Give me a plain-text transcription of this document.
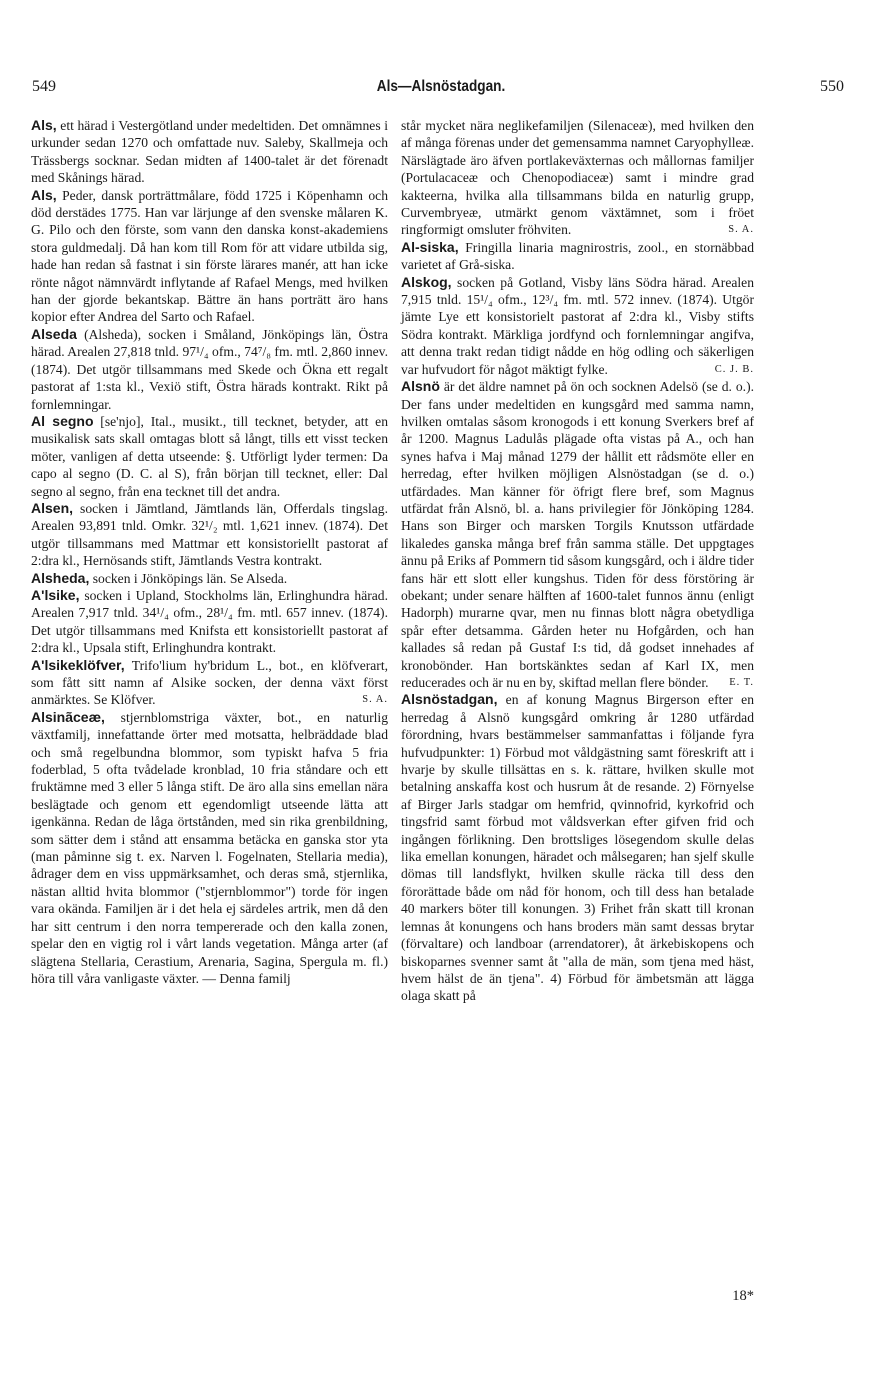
549	Als—Alsnöstadgan.	550

Als, ett härad i Vestergötland under medeltiden. Det omnämnes i urkunder sedan 1270 och omfattade nuv. Saleby, Skallmeja och Trässbergs socknar. Sedan midten af 1400-talet är det förenadt med Skånings härad.

Als, Peder, dansk porträttmålare, född 1725 i Köpenhamn och död derstädes 1775. Han var lärjunge af den svenske målaren K. G. Pilo och den förste, som vann den danska konst-akademiens stora guldmedalj. Då han kom till Rom för att vidare utbilda sig, hade han redan så fastnat i sin förste lärares manér, att han icke rönte något nämnvärdt inflytande af Rafael Mengs, med hvilken han der gjorde bekantskap. Bättre än hans porträtt äro hans kopior efter Andrea del Sarto och Rafael.

Alseda (Alsheda), socken i Småland, Jönköpings län, Östra härad. Arealen 27,818 tnld. 97¹/₄ ofm., 74⁷/₈ fm. mtl. 2,860 innev. (1874). Det utgör tillsammans med Skede och Ökna ett regalt pastorat af 1:sta kl., Vexiö stift, Östra härads kontrakt. Rikt på fornlemningar.

Al segno [se'njo], Ital., musikt., till tecknet, betyder, att en musikalisk sats skall omtagas blott så långt, tills ett visst tecken möter, vanligen af detta utseende: §. Utförligt lyder termen: Da capo al segno (D. C. al S), från början till tecknet, eller: Dal segno al segno, från ena tecknet till det andra.

Alsen, socken i Jämtland, Jämtlands län, Offerdals tingslag. Arealen 93,891 tnld. Omkr. 32¹/₂ mtl. 1,621 innev. (1874). Det utgör tillsammans med Mattmar ett konsistoriellt pastorat af 2:dra kl., Hernösands stift, Jämtlands Vestra kontrakt.

Alsheda, socken i Jönköpings län. Se Alseda.

A'lsike, socken i Upland, Stockholms län, Erlinghundra härad. Arealen 7,917 tnld. 34¹/₄ ofm., 28¹/₄ fm. mtl. 657 innev. (1874). Det utgör tillsammans med Knifsta ett konsistoriellt pastorat af 2:dra kl., Upsala stift, Erlinghundra kontrakt.

A'lsikeklöfver, Trifo'lium hy'bridum L., bot., en klöfverart, som fått sitt namn af Alsike socken, der denna växt först anmärktes. Se Klöfver.	S. A.

Alsinãceæ, stjernblomstriga växter, bot., en naturlig växtfamilj, innefattande örter med motsatta, helbräddade blad och små regelbundna blommor, som typiskt hafva 5 fria foderblad, 5 ofta tvådelade kronblad, 10 fria ståndare och ett fruktämne med 3 eller 5 långa stift. De äro alla sins emellan nära beslägtade och genom ett egendomligt utseende lätta att igenkänna. Redan de låga örtstånden, med sin rika grenbildning, som sätter dem i stånd att ensamma betäcka en ganska stor yta (man påminne sig t. ex. Narven l. Fogelnaten, Stellaria media), ådrager dem en viss uppmärksamhet, och deras små, stjernlika, nästan alltid hvita blommor ("stjernblommor") torde för ingen vara okända. Familjen är i det hela ej särdeles artrik, men då den har sitt centrum i den norra tempererade och den kalla zonen, spelar den en vigtig rol i vårt lands vegetation. Många arter (af slägtena Stellaria, Cerastium, Arenaria, Sagina, Spergula m. fl.) höra till våra vanligaste växter. — Denna familj

står mycket nära neglikefamiljen (Silenaceæ), med hvilken den af många förenas under det gemensamma namnet Caryophylleæ. Närslägtade äro äfven portlakeväxternas och mållornas familjer (Portulacaceæ och Chenopodiaceæ) samt i mindre grad kakteerna, hvilka alla tillsammans bilda en naturlig grupp, Curvembryeæ, utmärkt genom växtämnet, som i fröet ringformigt omsluter fröhviten.	S. A.

Al-siska, Fringilla linaria magnirostris, zool., en stornäbbad varietet af Grå-siska.

Alskog, socken på Gotland, Visby läns Södra härad. Arealen 7,915 tnld. 15¹/₄ ofm., 12³/₄ fm. mtl. 572 innev. (1874). Utgör jämte Lye ett konsistorielt pastorat af 2:dra kl., Visby stifts Södra kontrakt. Märkliga jordfynd och fornlemningar angifva, att denna trakt redan tidigt nådde en hög odling och säkerligen var hufvudort för något mäktigt fylke.	C. J. B.

Alsnö är det äldre namnet på ön och socknen Adelsö (se d. o.). Der fans under medeltiden en kungsgård med samma namn, hvilken omtalas såsom kronogods i ett konung Sverkers bref af år 1200. Magnus Ladulås plägade ofta vistas på A., och han synes hafva i Maj månad 1279 der hållit ett rådsmöte eller en herredag, efter hvilken möjligen Alsnöstadgan (se d. o.) utfärdades. Man känner för öfrigt flere bref, som Magnus utfärdat från Alsnö, bl. a. hans privilegier för Jönköping 1284. Hans son Birger och marsken Torgils Knutsson utfärdade likaledes ganska många bref från samma ställe. Det uppgtages ännu på Eriks af Pommern tid såsom kungsgård, och i äldre tider fans här ett slott eller kungshus. Tiden för dess förstöring är obekant; under senare hälften af 1600-talet funnos ännu (enligt Hadorph) murarne qvar, men nu finnas blott några obetydliga spår efter detsamma. Gården heter nu Hofgården, och han kallades så redan på Gustaf I:s tid, då godset innehades af kronobönder. Han bortskänktes sedan af Karl IX, men reducerades och är nu en by, skiftad mellan flere bönder. E. T.

Alsnöstadgan, en af konung Magnus Birgerson efter en herredag å Alsnö kungsgård omkring år 1280 utfärdad förordning, hvars bestämmelser sammanfattas i följande fyra hufvudpunkter: 1) Förbud mot våldgästning samt föreskrift att i hvarje by skulle tillsättas en s. k. rättare, hvilken skulle mot betalning anskaffa kost och husrum åt de resande. 2) Förnyelse af Birger Jarls stadgar om hemfrid, qvinnofrid, kyrkofrid och tingsfrid samt förbud mot våldsverkan efter gifven frid och ingången förlikning. Den brottsliges lösegendom skulle delas lika emellan konungen, häradet och målsegaren; han sjelf skulle dömas till landsflykt, hvilken skulle räcka till dess den förorättade både om nåd för honom, och till dess han betalade 40 markers böter till konungen. 3) Frihet från skatt till kronan lemnas åt konungens och hans broders män samt dessas brytar (förvaltare) och landboar (arrendatorer), åt ärkebiskopens och biskoparnes svenner samt åt "alla de män, som tjena med häst, hvem hälst de än tjena". 4) Förbud för ämbetsmän att lägga olaga skatt på

18*
